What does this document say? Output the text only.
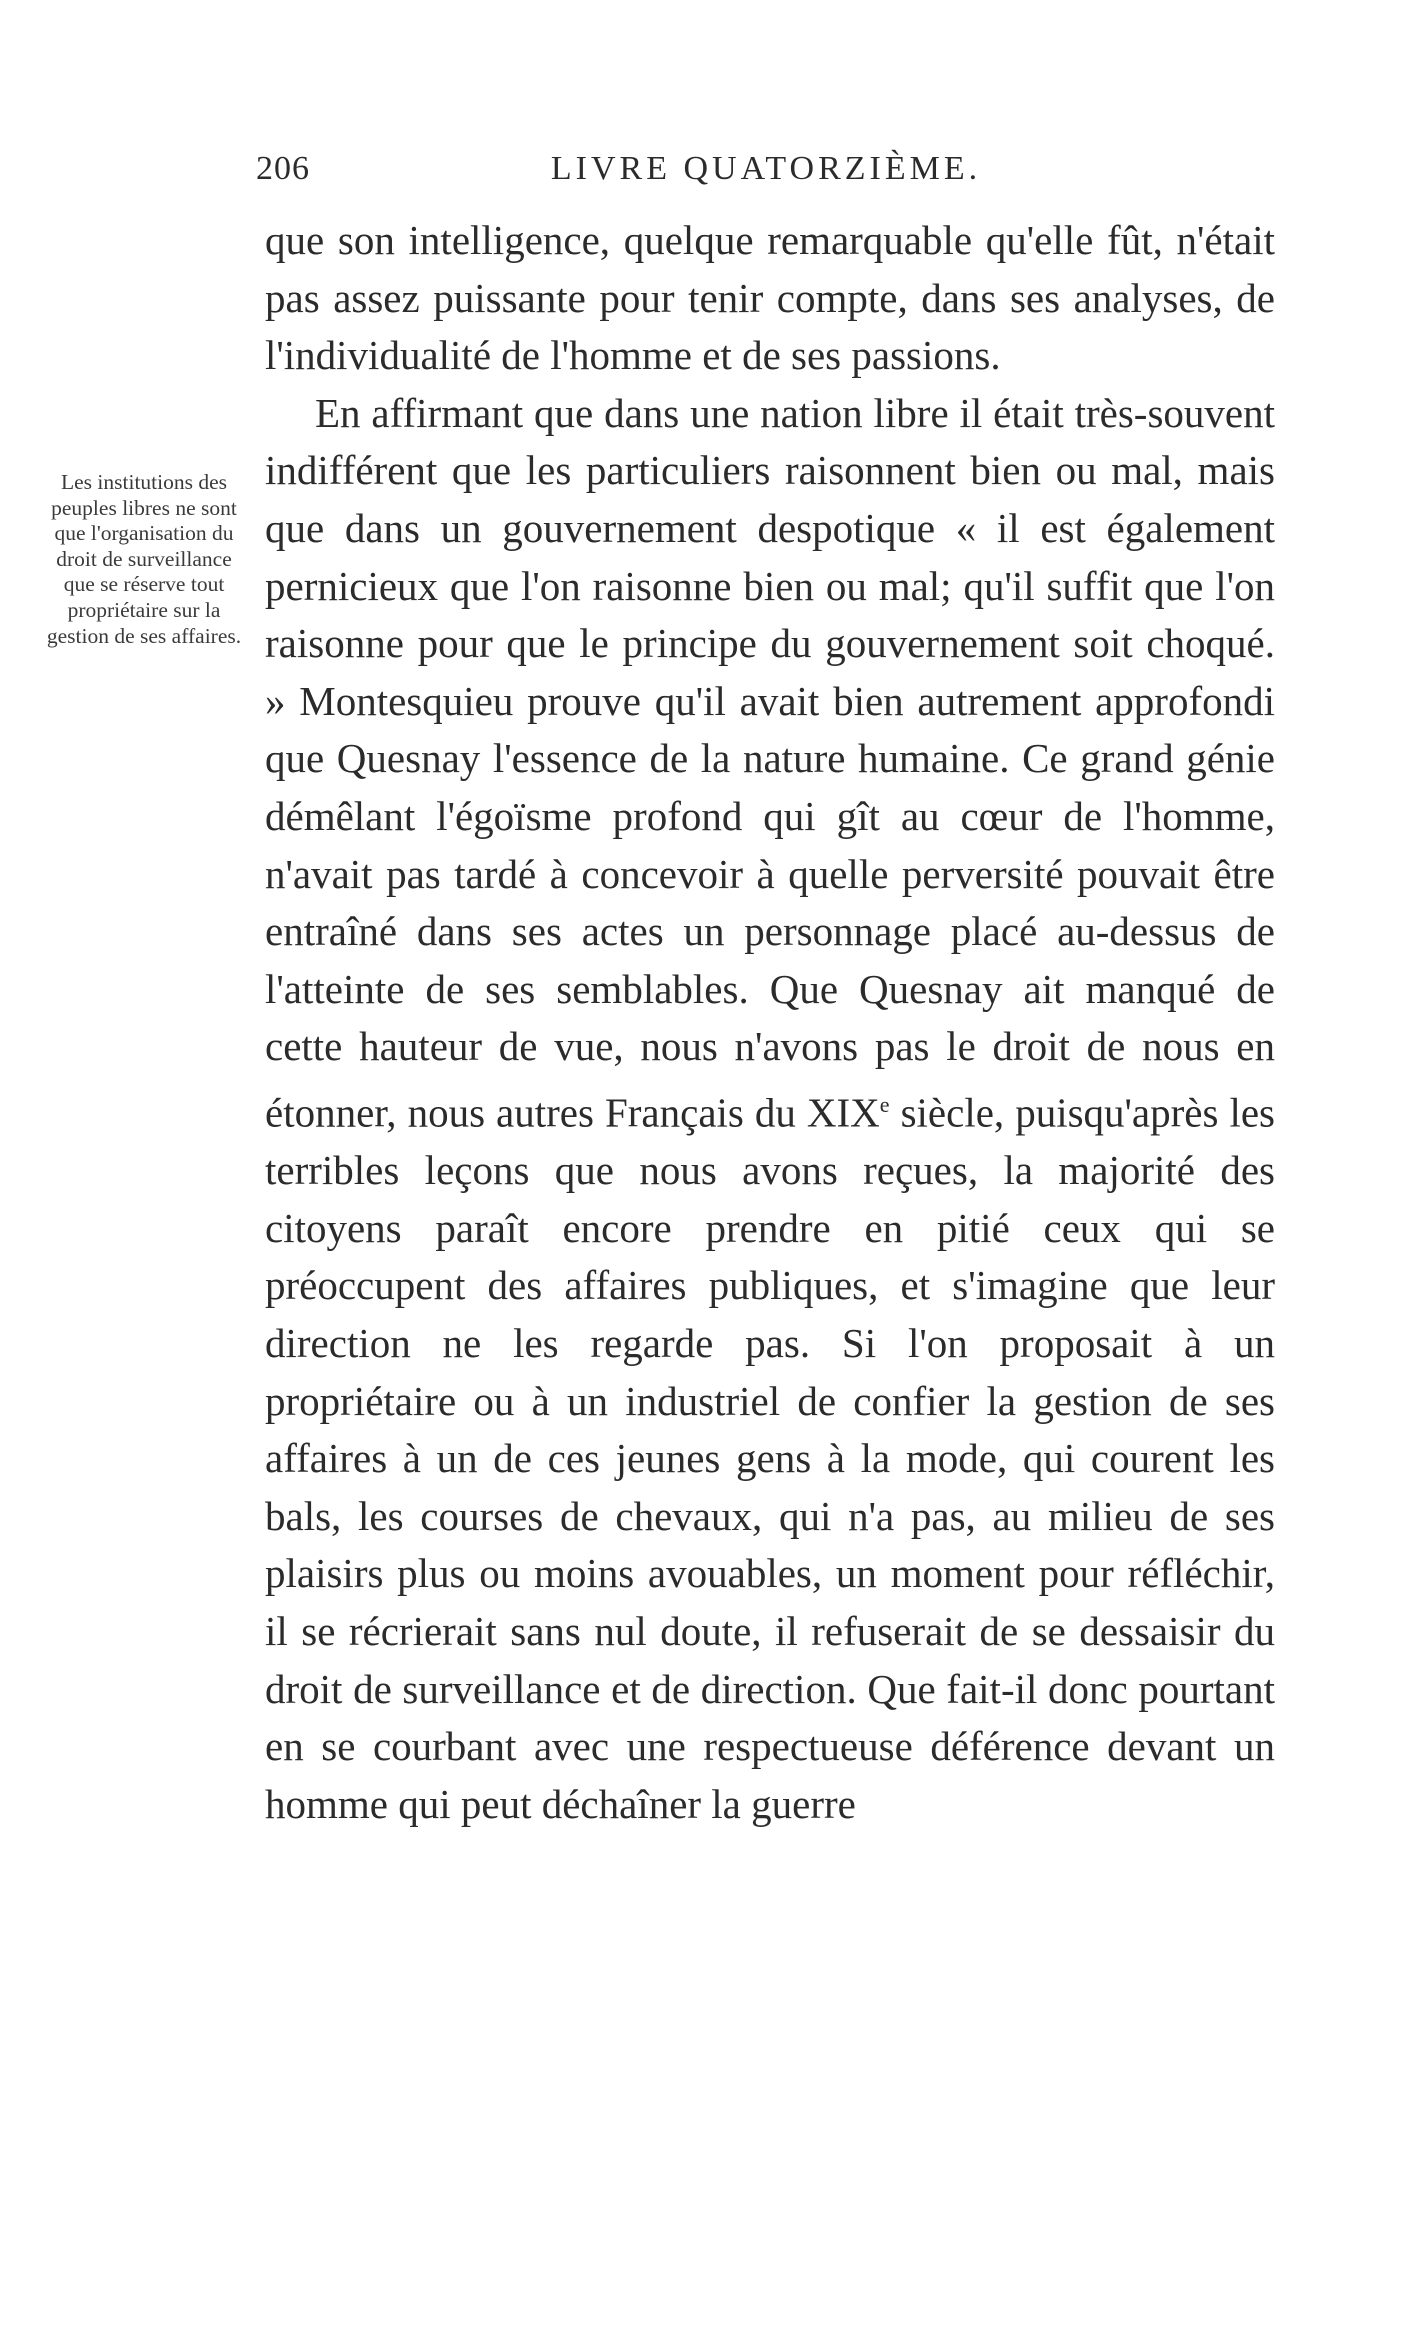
206	LIVRE QUATORZIÈME.

Les institutions des peuples libres ne sont que l'organisation du droit de surveillance que se réserve tout propriétaire sur la gestion de ses affaires.

que son intelligence, quelque remarquable qu'elle fût, n'était pas assez puissante pour tenir compte, dans ses analyses, de l'individualité de l'homme et de ses passions.

En affirmant que dans une nation libre il était très-souvent indifférent que les particuliers raisonnent bien ou mal, mais que dans un gouvernement despotique « il est également pernicieux que l'on raisonne bien ou mal; qu'il suffit que l'on raisonne pour que le principe du gouvernement soit choqué. » Montesquieu prouve qu'il avait bien autrement approfondi que Quesnay l'essence de la nature humaine. Ce grand génie démêlant l'égoïsme profond qui gît au cœur de l'homme, n'avait pas tardé à concevoir à quelle perversité pouvait être entraîné dans ses actes un personnage placé au-dessus de l'atteinte de ses semblables. Que Quesnay ait manqué de cette hauteur de vue, nous n'avons pas le droit de nous en étonner, nous autres Français du XIXe siècle, puisqu'après les terribles leçons que nous avons reçues, la majorité des citoyens paraît encore prendre en pitié ceux qui se préoccupent des affaires publiques, et s'imagine que leur direction ne les regarde pas. Si l'on proposait à un propriétaire ou à un industriel de confier la gestion de ses affaires à un de ces jeunes gens à la mode, qui courent les bals, les courses de chevaux, qui n'a pas, au milieu de ses plaisirs plus ou moins avouables, un moment pour réfléchir, il se récrierait sans nul doute, il refuserait de se dessaisir du droit de surveillance et de direction. Que fait-il donc pourtant en se courbant avec une respectueuse déférence devant un homme qui peut déchaîner la guerre
